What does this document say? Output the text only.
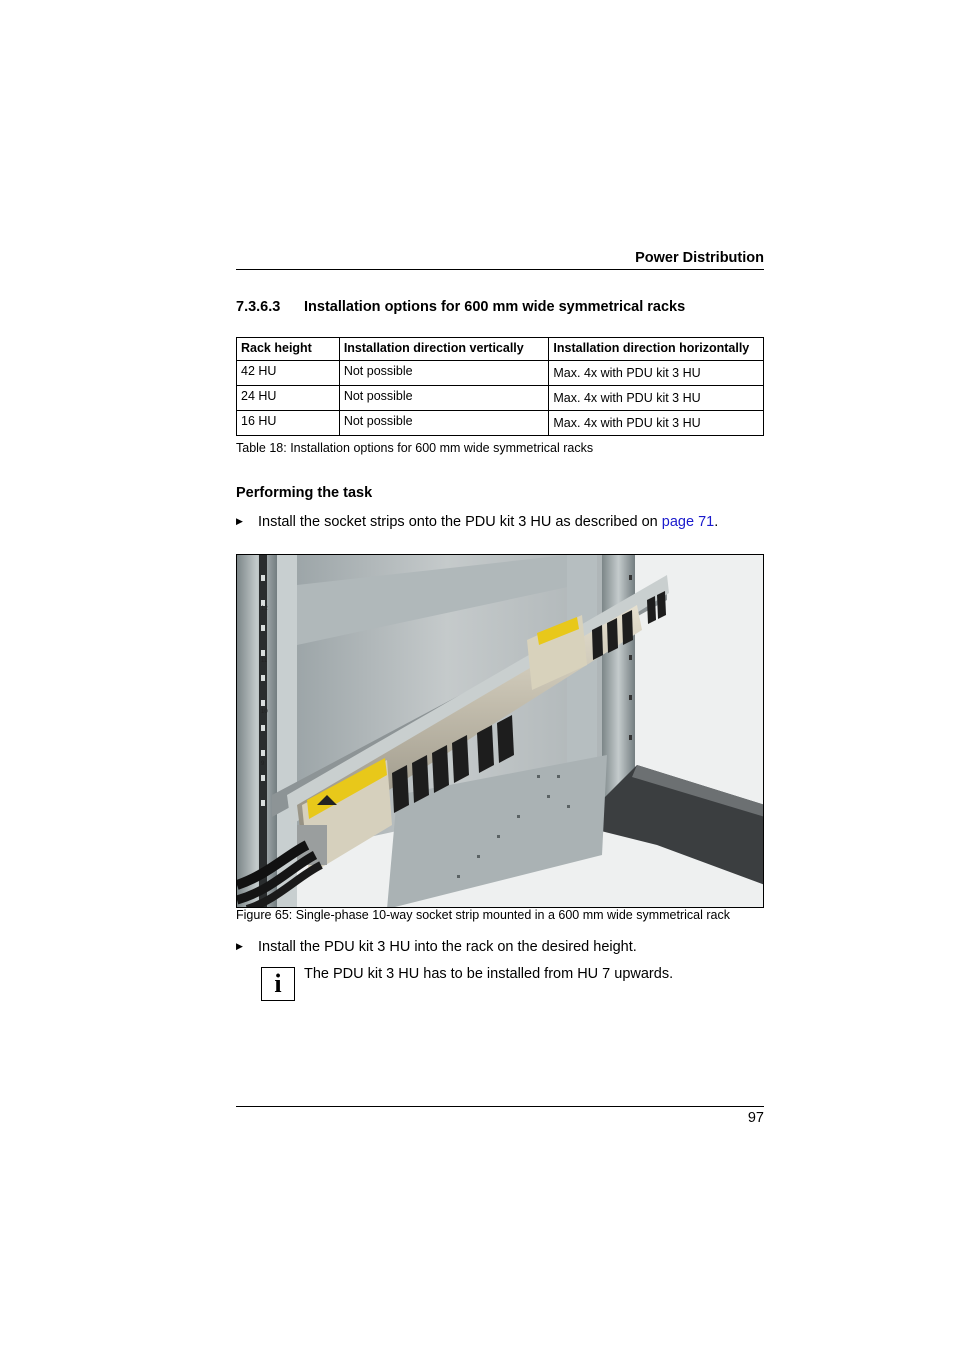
Power Distribution
7.3.6.3 Installation options for 600 mm wide symmetrical racks
Rack height	Installation direction vertically	Installation direction horizontally
42 HU	Not possible	Max. 4x with PDU kit 3 HU
24 HU	Not possible	Max. 4x with PDU kit 3 HU
16 HU	Not possible	Max. 4x with PDU kit 3 HU
Table 18: Installation options for 600 mm wide symmetrical racks
Performing the task
▶ Install the socket strips onto the PDU kit 3 HU as described on page 71.
12
11
10
9
Figure 65: Single-phase 10-way socket strip mounted in a 600 mm wide symmetrical rack
▶ Install the PDU kit 3 HU into the rack on the desired height.
i	The PDU kit 3 HU has to be installed from HU 7 upwards.
97
